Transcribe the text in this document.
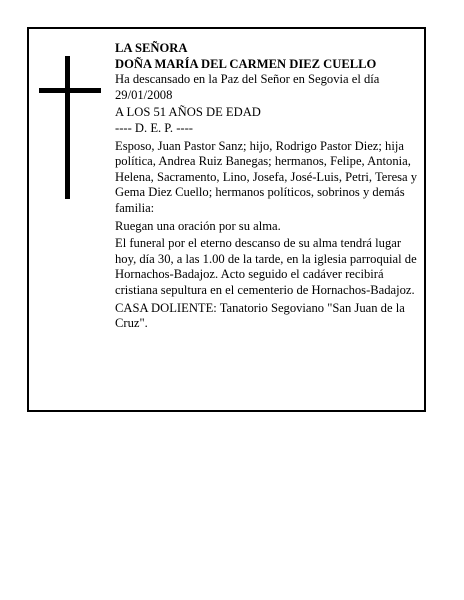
LA SEÑORA

DOÑA MARÍA DEL CARMEN DIEZ CUELLO

Ha descansado en la Paz del Señor en Segovia el día 29/01/2008

A LOS 51 AÑOS DE EDAD

---- D. E. P. ----

Esposo, Juan Pastor Sanz; hijo, Rodrigo Pastor Diez; hija política, Andrea Ruiz Banegas; hermanos, Felipe, Antonia, Helena, Sacramento, Lino, Josefa, José-Luis, Petri, Teresa y Gema Diez Cuello; hermanos políticos, sobrinos y demás familia:

Ruegan una oración por su alma.

El funeral por el eterno descanso de su alma tendrá lugar hoy, día 30, a las 1.00 de la tarde, en la iglesia parroquial de Hornachos-Badajoz. Acto seguido el cadáver recibirá cristiana sepultura en el cementerio de Hornachos-Badajoz.

CASA DOLIENTE: Tanatorio Segoviano "San Juan de la Cruz".
